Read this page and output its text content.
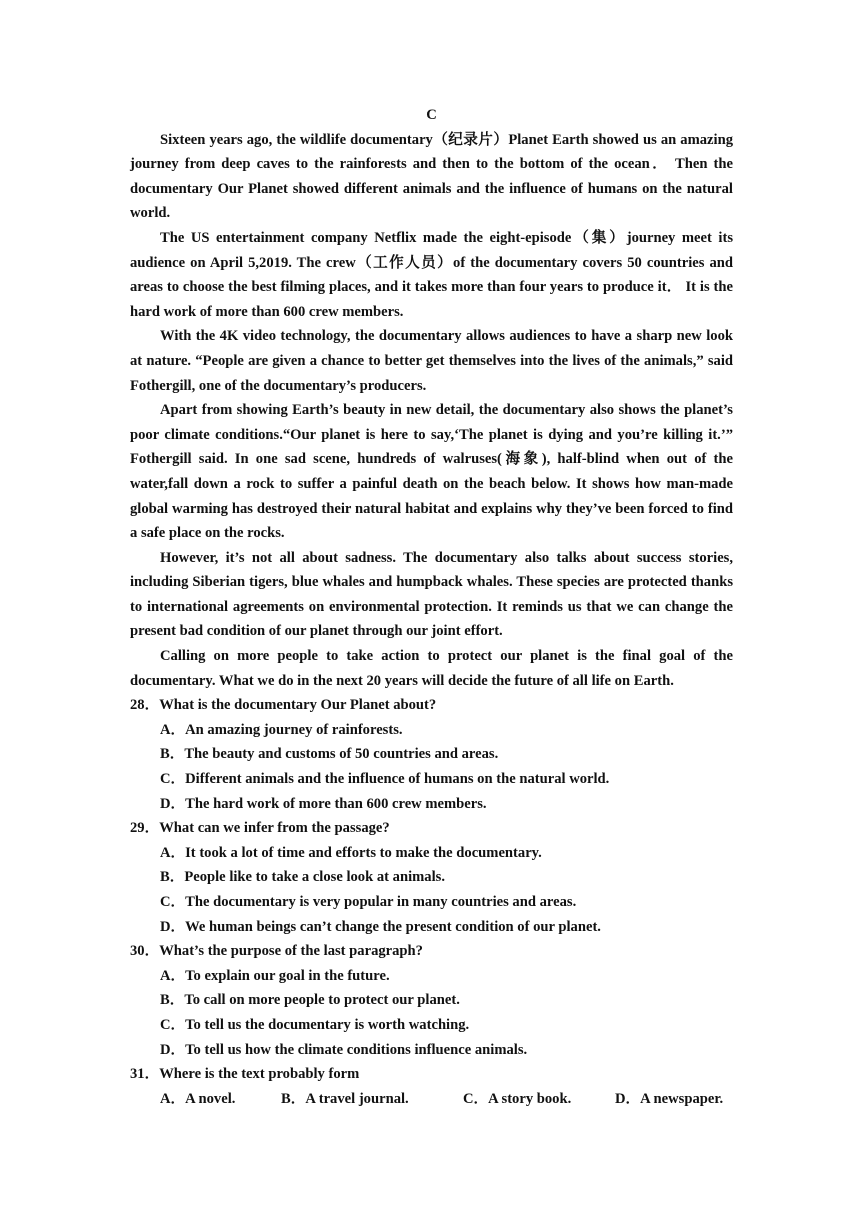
C

Sixteen years ago, the wildlife documentary（纪录片）Planet Earth showed us an amazing journey from deep caves to the rainforests and then to the bottom of the ocean． Then the documentary Our Planet showed different animals and the influence of humans on the natural world.

The US entertainment company Netflix made the eight-episode（集）journey meet its audience on April 5,2019. The crew（工作人员）of the documentary covers 50 countries and areas to choose the best filming places, and it takes more than four years to produce it． It is the hard work of more than 600 crew members.

With the 4K video technology, the documentary allows audiences to have a sharp new look at nature. “People are given a chance to better get themselves into the lives of the animals,” said Fothergill, one of the documentary’s producers.

Apart from showing Earth’s beauty in new detail, the documentary also shows the planet’s poor climate conditions.“Our planet is here to say,‘The planet is dying and you’re killing it.’” Fothergill said. In one sad scene, hundreds of walruses(海象), half-blind when out of the water,fall down a rock to suffer a painful death on the beach below. It shows how man-made global warming has destroyed their natural habitat and explains why they’ve been forced to find a safe place on the rocks.

However, it’s not all about sadness. The documentary also talks about success stories, including Siberian tigers, blue whales and humpback whales. These species are protected thanks to international agreements on environmental protection. It reminds us that we can change the present bad condition of our planet through our joint effort.

Calling on more people to take action to protect our planet is the final goal of the documentary. What we do in the next 20 years will decide the future of all life on Earth.

28．What is the documentary Our Planet about?

A．An amazing journey of rainforests.

B．The beauty and customs of 50 countries and areas.

C．Different animals and the influence of humans on the natural world.

D．The hard work of more than 600 crew members.

29．What can we infer from the passage?

A．It took a lot of time and efforts to make the documentary.

B．People like to take a close look at animals.

C．The documentary is very popular in many countries and areas.

D．We human beings can’t change the present condition of our planet.

30．What’s the purpose of the last paragraph?

A．To explain our goal in the future.

B．To call on more people to protect our planet.

C．To tell us the documentary is worth watching.

D．To tell us how the climate conditions influence animals.

31．Where is the text probably form

A．A novel.	B．A travel journal.	C．A story book.	D．A newspaper.
